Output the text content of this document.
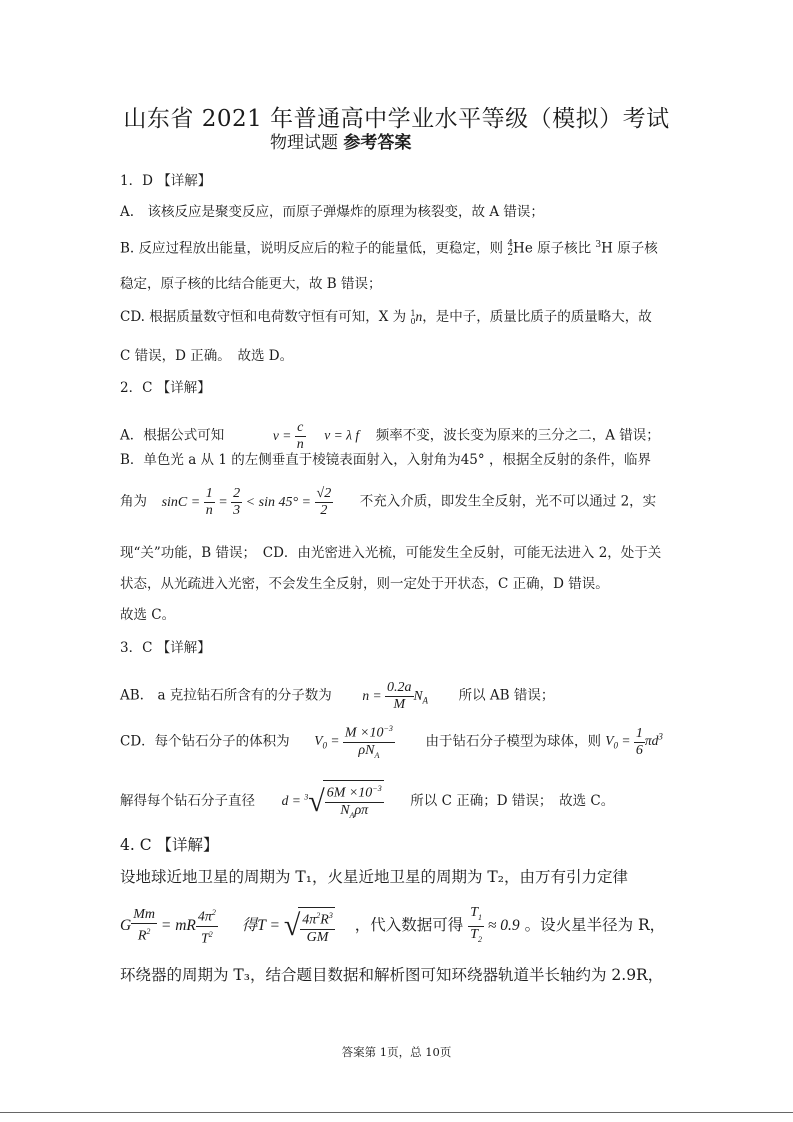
山东省 2021 年普通高中学业水平等级（模拟）考试
物理试题 参考答案
1．D 【详解】
A.　该核反应是聚变反应，而原子弹爆炸的原理为核裂变，故 A 错误；
B. 反应过程放出能量，说明反应后的粒子的能量低，更稳定，则 4
2 He 原子核比 $^3$H 原子核
稳定，原子核的比结合能更大，故 B 错误；
CD. 根据质量数守恒和电荷数守恒有可知，X 为 1
0 n，是中子，质量比质子的质量略大，故
C 错误，D 正确。　故选 D。
2．C 【详解】
A．根据公式可知	$v = \frac{c}{n}$ v = λ f 频率不变，波长变为原来的三分之二，A 错误；
B．单色光 a 从 1 的左侧垂直于棱镜表面射入，入射角为45° ，根据全反射的条件，临界
角为 $\sin C = \frac{1}{n} = \frac{2}{3} < \sin 45^\circ = \frac{√2}{2}$ 不充入介质，即发生全反射，光不可以通过 2，实
现“关”功能，B 错误；　CD．由光密进入光梳，可能发生全反射，可能无法进入 2，处于关
状态，从光疏进入光密，不会发生全反射，则一定处于开状态，C 正确，D 错误。
故选 C。
3．C 【详解】
AB.　a 克拉钻石所含有的分子数为 $n = \frac{0.2a}{M} N_A$ 所以 AB 错误；
CD．每个钻石分子的体积为 $V_0 = \frac{M \times 10^{-3}}{\rho N_A}$ 由于钻石分子模型为球体，则 $V_0 = \frac{1}{6} \pi d^3$
解得每个钻石分子直径 $d = ^3√ \frac{6M \times 10^{-3}}{N_A\rho\pi}$ 所以 C 正确；D 错误；　故选 C。
4. C 【详解】
设地球近地卫星的周期为 T₁，火星近地卫星的周期为 T₂，由万有引力定律
G $\frac{Mm}{R^2}$ = mR $\frac{4\pi^2}{T^2}$ 得T = √ $\frac{4\pi^2R^3}{GM}$ ，代入数据可得 $\frac{T_1}{T_2} \approx 0.9$ 。设火星半径为 R，
环绕器的周期为 T₃，结合题目数据和解析图可知环绕器轨道半长轴约为 2.9R，
答案第 1页，总 10页
